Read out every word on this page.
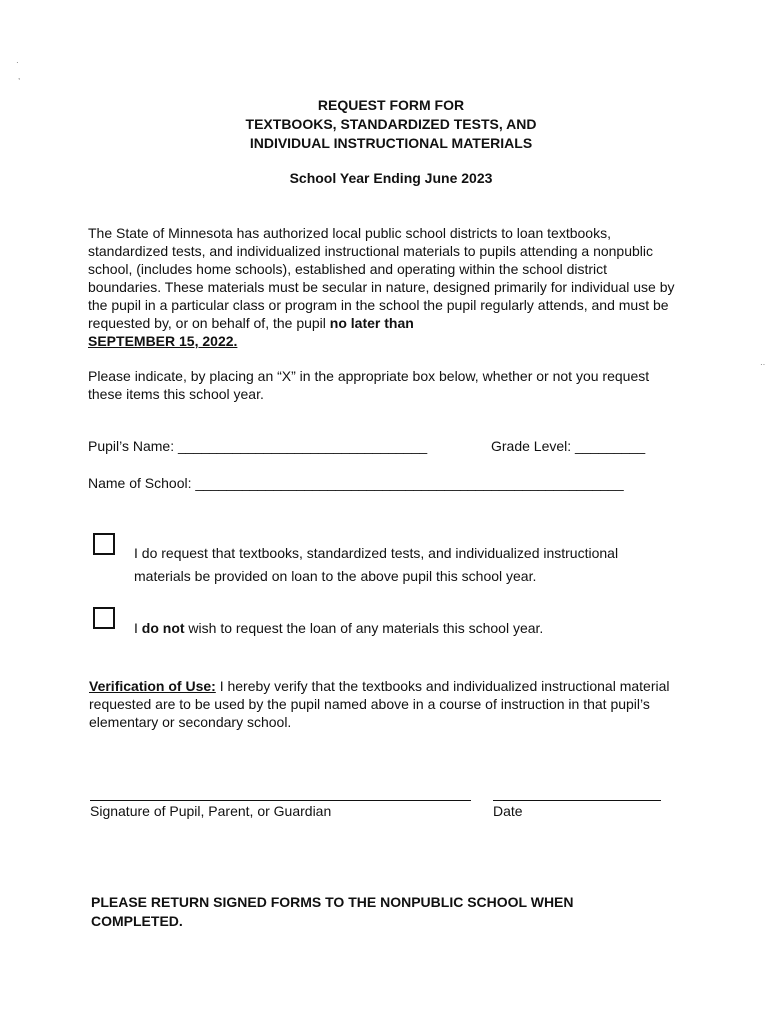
·
,
··
REQUEST FORM FOR
TEXTBOOKS, STANDARDIZED TESTS, AND
INDIVIDUAL INSTRUCTIONAL MATERIALS
School Year Ending June 2023
The State of Minnesota has authorized local public school districts to loan textbooks, standardized tests, and individualized instructional materials to pupils attending a nonpublic school, (includes home schools), established and operating within the school district boundaries. These materials must be secular in nature, designed primarily for individual use by the pupil in a particular class or program in the school the pupil regularly attends, and must be requested by, or on behalf of, the pupil no later than
SEPTEMBER 15, 2022.
Please indicate, by placing an “X” in the appropriate box below, whether or not you request these items this school year.
Pupil’s Name: ________________________________	Grade Level: _________
Name of School: _______________________________________________________
I do request that textbooks, standardized tests, and individualized instructional materials be provided on loan to the above pupil this school year.
I do not wish to request the loan of any materials this school year.
Verification of Use: I hereby verify that the textbooks and individualized instructional material requested are to be used by the pupil named above in a course of instruction in that pupil’s elementary or secondary school.
Signature of Pupil, Parent, or Guardian	Date
PLEASE RETURN SIGNED FORMS TO THE NONPUBLIC SCHOOL WHEN COMPLETED.
